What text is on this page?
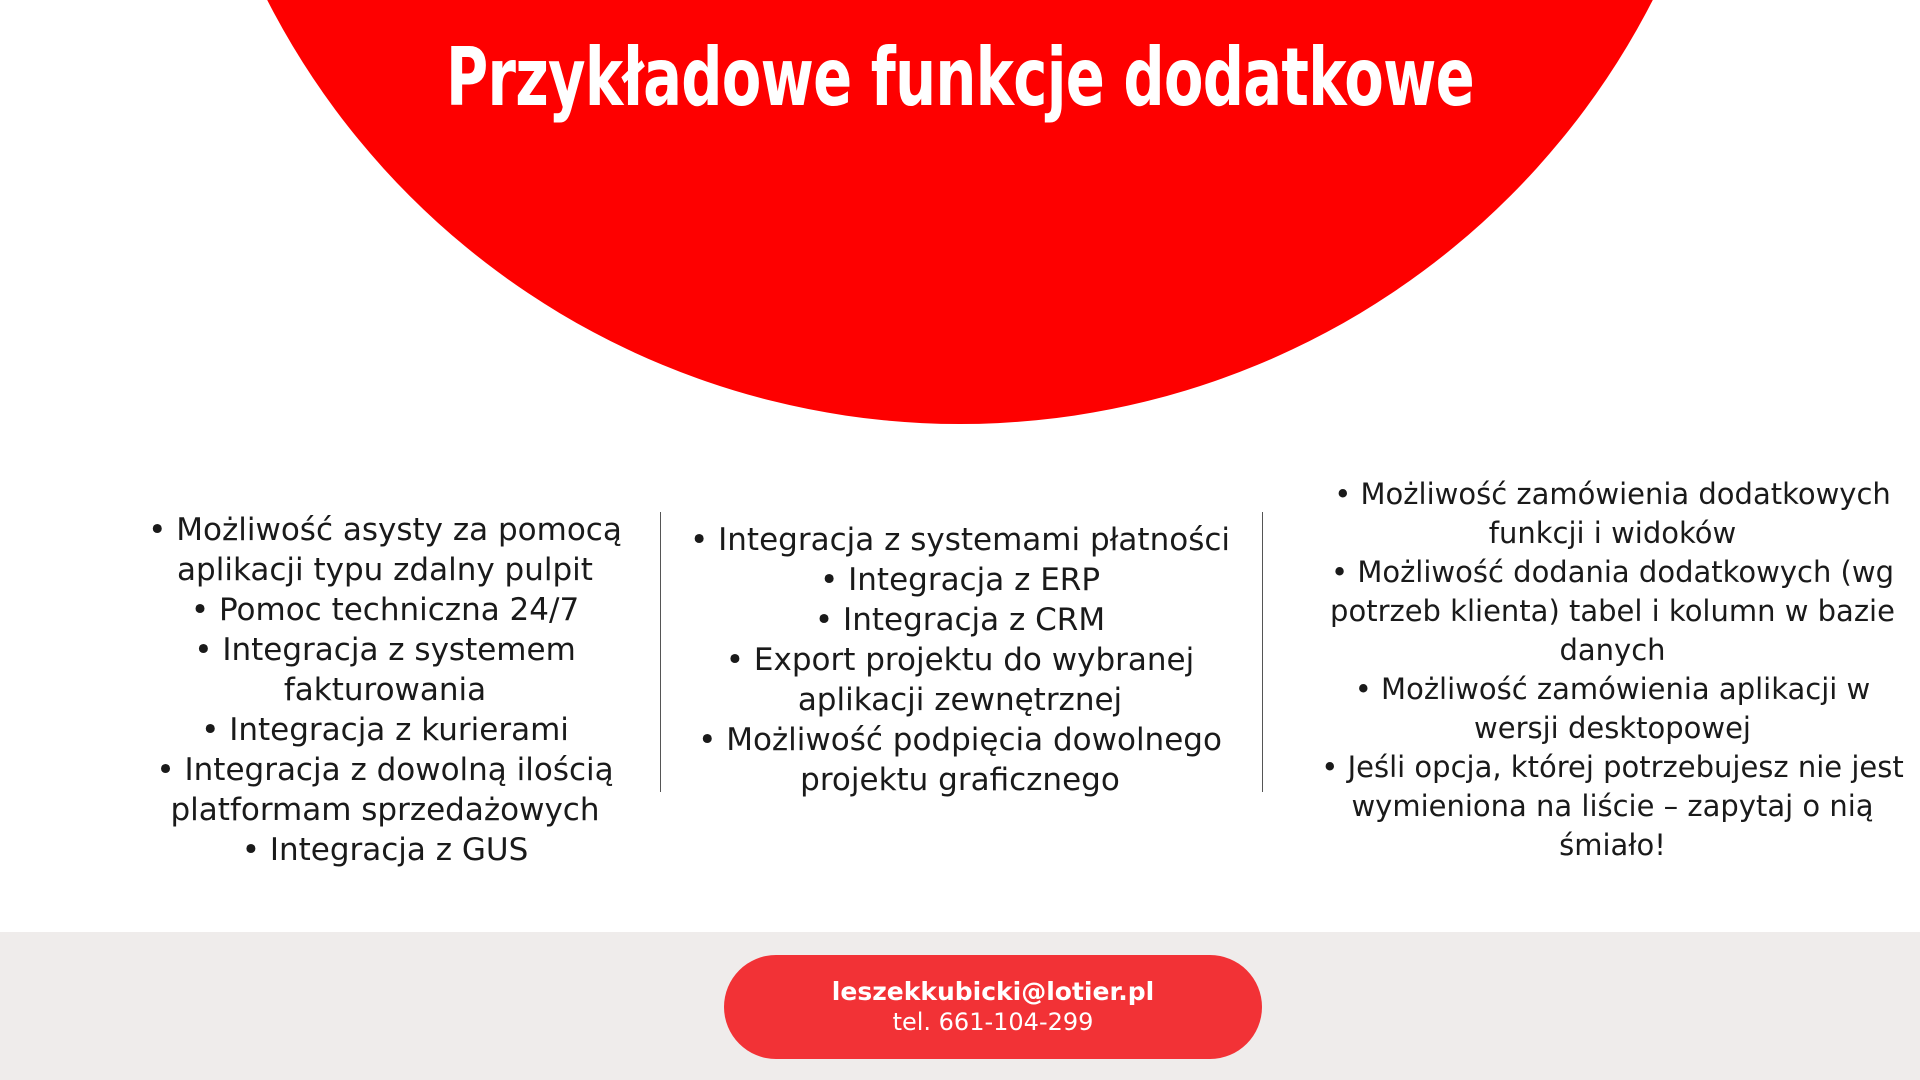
Przykładowe funkcje dodatkowe

• Możliwość asysty za pomocą aplikacji typu zdalny pulpit

• Pomoc techniczna 24/7

• Integracja z systemem fakturowania

• Integracja z kurierami

• Integracja z dowolną ilością platformam sprzedażowych

• Integracja z GUS

• Integracja z systemami płatności

• Integracja z ERP

• Integracja z CRM

• Export projektu do wybranej aplikacji zewnętrznej

• Możliwość podpięcia dowolnego projektu graficznego

• Możliwość zamówienia dodatkowych funkcji i widoków

• Możliwość dodania dodatkowych (wg potrzeb klienta) tabel i kolumn w bazie danych

• Możliwość zamówienia aplikacji w wersji desktopowej

• Jeśli opcja, której potrzebujesz nie jest wymieniona na liście – zapytaj o nią śmiało!

leszekkubicki@lotier.pl
tel. 661-104-299
